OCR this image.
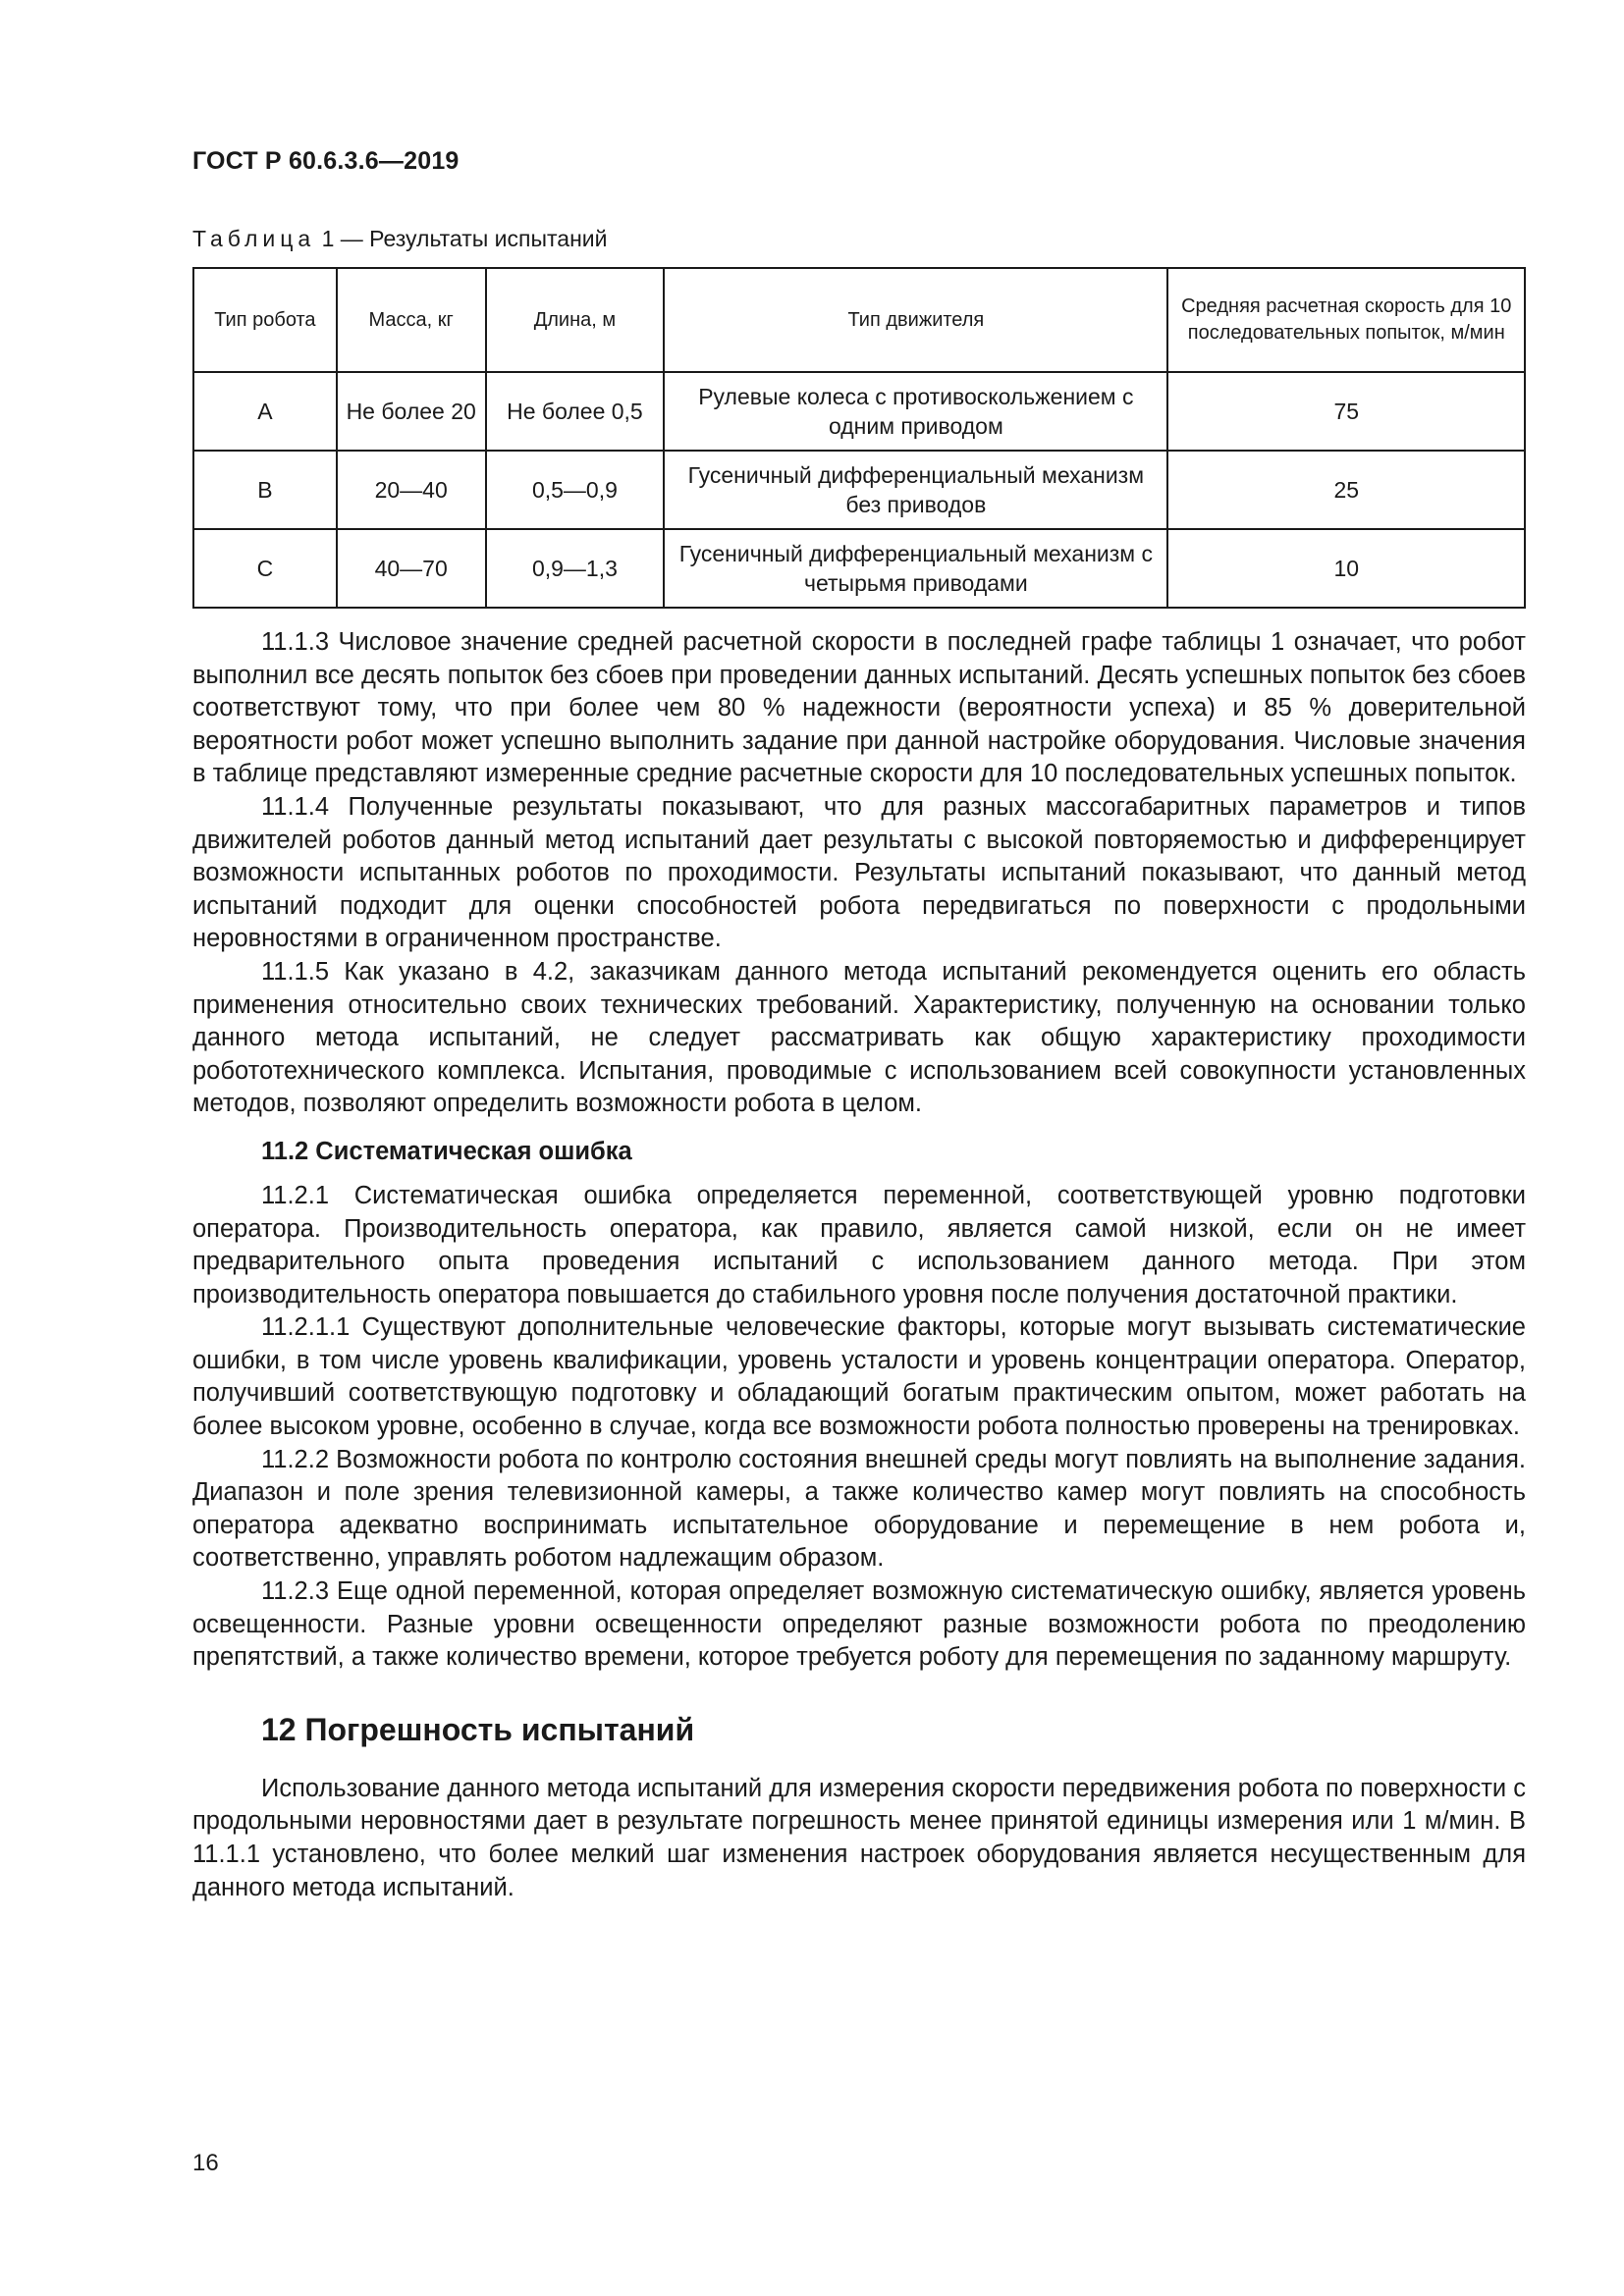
ГОСТ Р 60.6.3.6—2019
Таблица 1 — Результаты испытаний
Тип робота	Масса, кг	Длина, м	Тип движителя	Средняя расчетная скорость для 10 последовательных попыток, м/мин
A	Не более 20	Не более 0,5	Рулевые колеса с противоскольжением с одним приводом	75
B	20—40	0,5—0,9	Гусеничный дифференциальный механизм без приводов	25
C	40—70	0,9—1,3	Гусеничный дифференциальный механизм с четырьмя приводами	10

11.1.3 Числовое значение средней расчетной скорости в последней графе таблицы 1 означает, что робот выполнил все десять попыток без сбоев при проведении данных испытаний. Десять успешных попыток без сбоев соответствуют тому, что при более чем 80 % надежности (вероятности успеха) и 85 % доверительной вероятности робот может успешно выполнить задание при данной настройке оборудования. Числовые значения в таблице представляют измеренные средние расчетные скорости для 10 последовательных успешных попыток.

11.1.4 Полученные результаты показывают, что для разных массогабаритных параметров и типов движителей роботов данный метод испытаний дает результаты с высокой повторяемостью и дифференцирует возможности испытанных роботов по проходимости. Результаты испытаний показывают, что данный метод испытаний подходит для оценки способностей робота передвигаться по поверхности с продольными неровностями в ограниченном пространстве.

11.1.5 Как указано в 4.2, заказчикам данного метода испытаний рекомендуется оценить его область применения относительно своих технических требований. Характеристику, полученную на основании только данного метода испытаний, не следует рассматривать как общую характеристику проходимости робототехнического комплекса. Испытания, проводимые с использованием всей совокупности установленных методов, позволяют определить возможности робота в целом.

11.2 Систематическая ошибка

11.2.1 Систематическая ошибка определяется переменной, соответствующей уровню подготовки оператора. Производительность оператора, как правило, является самой низкой, если он не имеет предварительного опыта проведения испытаний с использованием данного метода. При этом производительность оператора повышается до стабильного уровня после получения достаточной практики.

11.2.1.1 Существуют дополнительные человеческие факторы, которые могут вызывать систематические ошибки, в том числе уровень квалификации, уровень усталости и уровень концентрации оператора. Оператор, получивший соответствующую подготовку и обладающий богатым практическим опытом, может работать на более высоком уровне, особенно в случае, когда все возможности робота полностью проверены на тренировках.

11.2.2 Возможности робота по контролю состояния внешней среды могут повлиять на выполнение задания. Диапазон и поле зрения телевизионной камеры, а также количество камер могут повлиять на способность оператора адекватно воспринимать испытательное оборудование и перемещение в нем робота и, соответственно, управлять роботом надлежащим образом.

11.2.3 Еще одной переменной, которая определяет возможную систематическую ошибку, является уровень освещенности. Разные уровни освещенности определяют разные возможности робота по преодолению препятствий, а также количество времени, которое требуется роботу для перемещения по заданному маршруту.

12 Погрешность испытаний

Использование данного метода испытаний для измерения скорости передвижения робота по поверхности с продольными неровностями дает в результате погрешность менее принятой единицы измерения или 1 м/мин. В 11.1.1 установлено, что более мелкий шаг изменения настроек оборудования является несущественным для данного метода испытаний.

16
